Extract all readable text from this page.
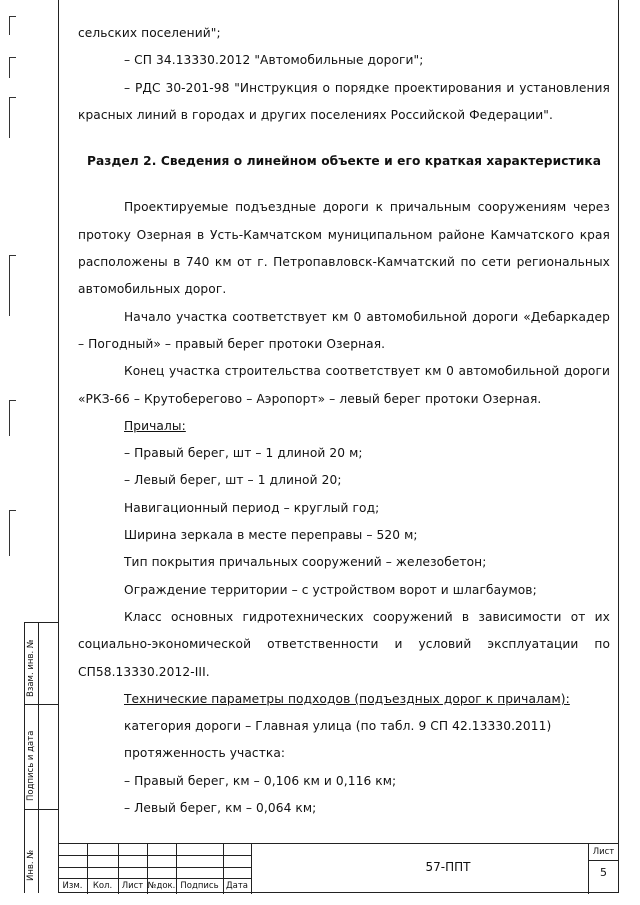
сельских поселений";

– СП 34.13330.2012 "Автомобильные дороги";

– РДС 30-201-98 "Инструкция о порядке проектирования и установления красных линий в городах и других поселениях Российской Федерации".

Раздел 2. Сведения о линейном объекте и его краткая характеристика

Проектируемые подъездные дороги к причальным сооружениям через протоку Озерная в Усть-Камчатском муниципальном районе Камчатского края расположены в 740 км от г. Петропавловск-Камчатский по сети региональных автомобильных дорог.

Начало участка соответствует км 0 автомобильной дороги «Дебаркадер – Погодный» – правый берег протоки Озерная.

Конец участка строительства соответствует км 0 автомобильной дороги «РКЗ-66 – Крутоберегово – Аэропорт» – левый берег протоки Озерная.

Причалы:

– Правый берег, шт – 1 длиной 20 м;

– Левый берег, шт – 1 длиной 20;

Навигационный период – круглый год;

Ширина зеркала в месте переправы – 520 м;

Тип покрытия причальных сооружений – железобетон;

Ограждение территории – с устройством ворот и шлагбаумов;

Класс основных гидротехнических сооружений в зависимости от их социально-экономической ответственности и условий эксплуатации по СП58.13330.2012-III.

Технические параметры подходов (подъездных дорог к причалам):

категория дороги – Главная улица (по табл. 9 СП 42.13330.2011)

протяженность участка:

– Правый берег, км – 0,106 км и 0,116 км;

– Левый берег, км – 0,064 км;

Взам. инв. №
Подпись и дата
Инв. №
Изм.	Кол.	Лист №док. Подпись Дата
57-ППТ
Лист
5
